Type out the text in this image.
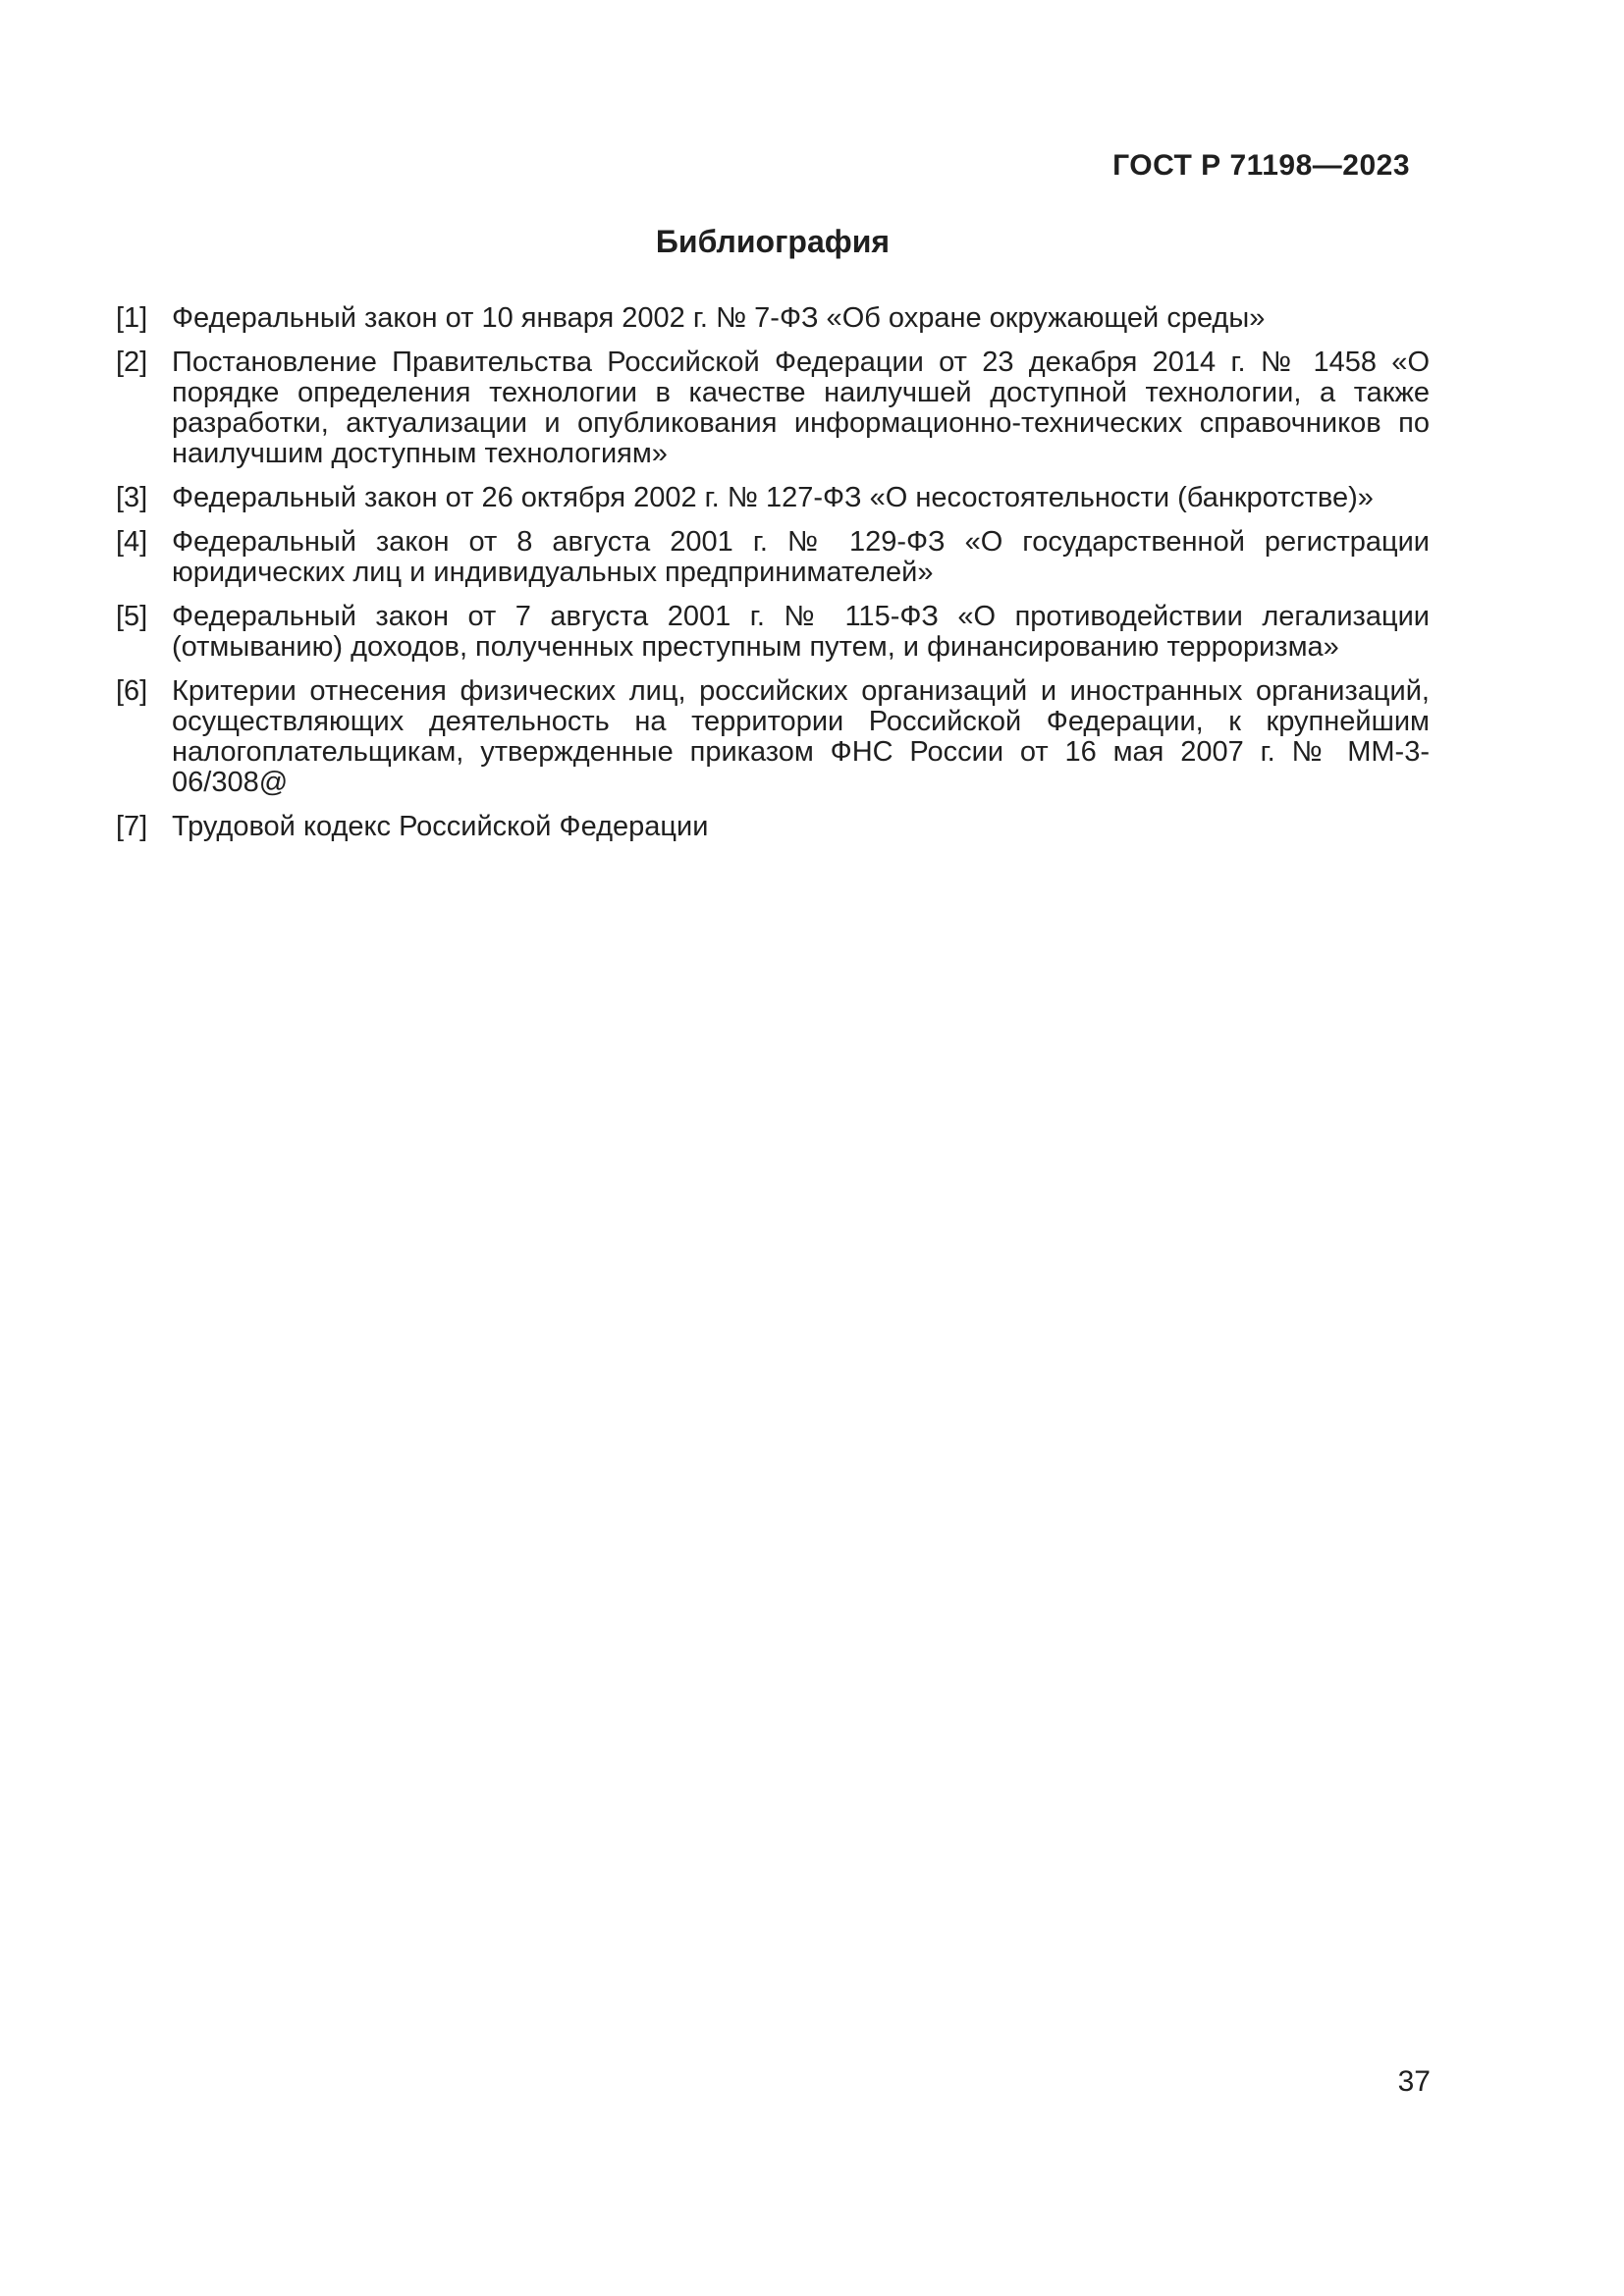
ГОСТ Р 71198—2023
Библиография
[1] Федеральный закон от 10 января 2002 г. № 7-ФЗ «Об охране окружающей среды»
[2] Постановление Правительства Российской Федерации от 23 декабря 2014 г. № 1458 «О порядке определения технологии в качестве наилучшей доступной технологии, а также разработки, актуализации и опубликования информационно-технических справочников по наилучшим доступным технологиям»
[3] Федеральный закон от 26 октября 2002 г. № 127-ФЗ «О несостоятельности (банкротстве)»
[4] Федеральный закон от 8 августа 2001 г. № 129-ФЗ «О государственной регистрации юридических лиц и индивидуальных предпринимателей»
[5] Федеральный закон от 7 августа 2001 г. № 115-ФЗ «О противодействии легализации (отмыванию) доходов, полученных преступным путем, и финансированию терроризма»
[6] Критерии отнесения физических лиц, российских организаций и иностранных организаций, осуществляющих деятельность на территории Российской Федерации, к крупнейшим налогоплательщикам, утвержденные приказом ФНС России от 16 мая 2007 г. № ММ-3-06/308@
[7] Трудовой кодекс Российской Федерации
37
